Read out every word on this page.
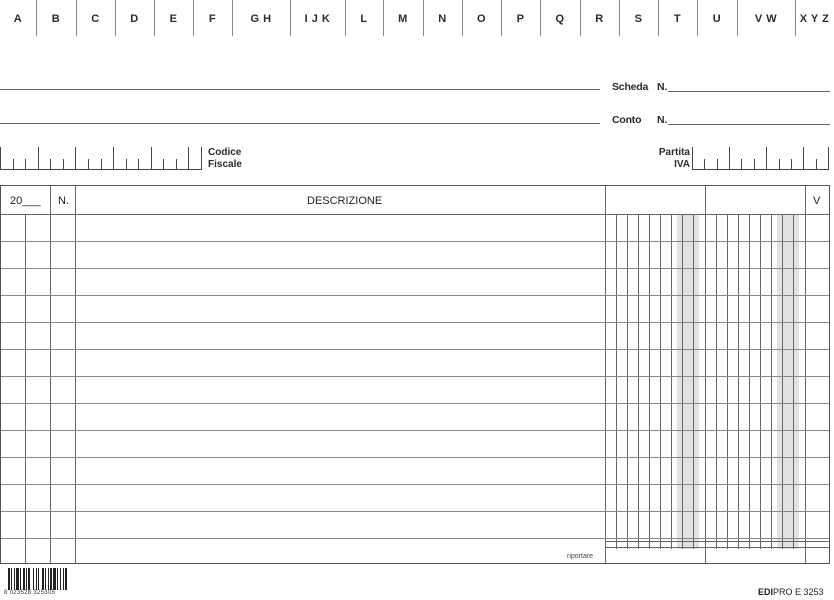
A	B	C	D	E	F	G H	I J K	L	M	N	O	P	Q	R	S	T	U	V W	X Y Z
Scheda N.
Conto N.
Codice
Fiscale
Partita
IVA
20___ N.	DESCRIZIONE	V
riportare
8 023528 325305	EDIPRO E 3253
